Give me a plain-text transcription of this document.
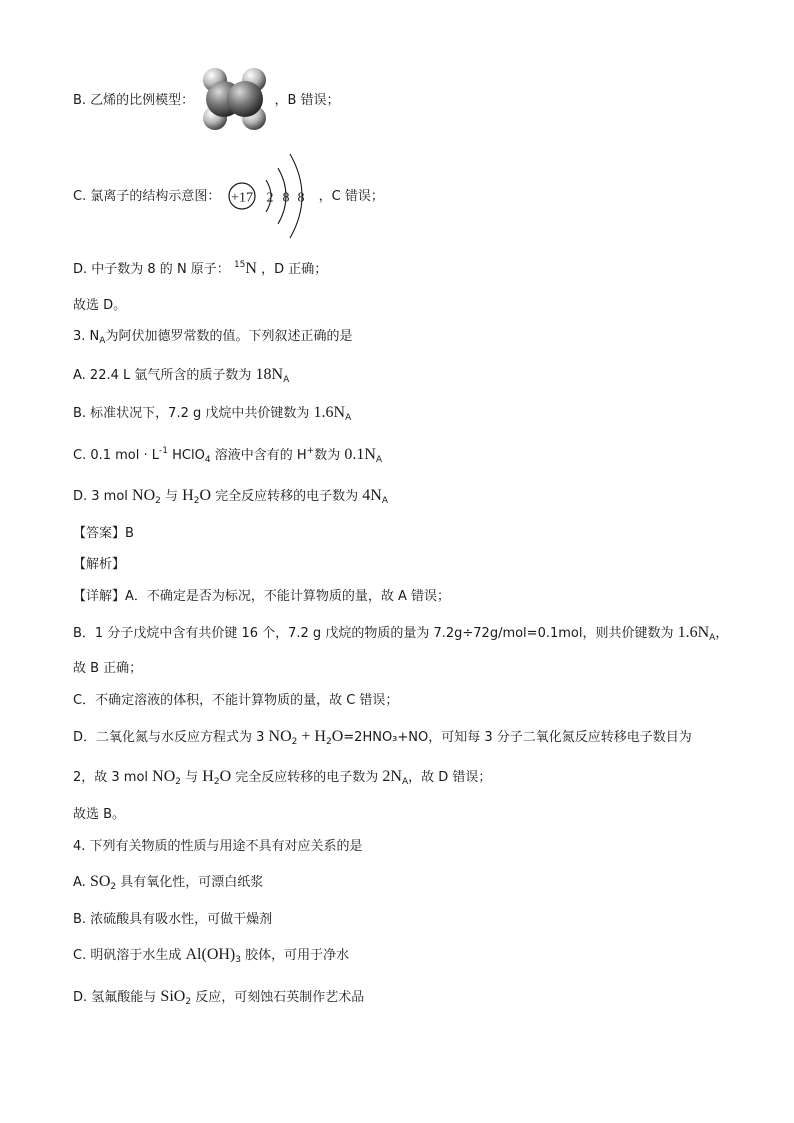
B. 乙烯的比例模型：	，B 错误；
C. 氯离子的结构示意图：	，C 错误；
+17 2 8 8
D. 中子数为 8 的 N 原子： $^{15}$N ，D 正确；
故选 D。
3. $N_A$为阿伏加德罗常数的值。下列叙述正确的是
A. 22.4 L 氩气所含的质子数为 $18N_A$
B. 标准状况下，7.2 g 戊烷中共价键数为 $1.6N_A$
C. 0.1 mol · $L^{-1}$ HClO$_4$ 溶液中含有的 H+数为 $0.1N_A$
D. 3 mol $NO_2$ 与 $H_2O$ 完全反应转移的电子数为 $4N_A$
【答案】B
【解析】
【详解】A．不确定是否为标况，不能计算物质的量，故 A 错误；
B．1 分子戊烷中含有共价键 16 个，7.2 g 戊烷的物质的量为 7.2g÷72g/mol=0.1mol，则共价键数为 $1.6N_A$，
故 B 正确；
C．不确定溶液的体积，不能计算物质的量，故 C 错误；
D．二氧化氮与水反应方程式为 3 $NO_2 + H_2O=2HNO_3+NO$，可知每 3 分子二氧化氮反应转移电子数目为
2，故 3 mol $NO_2$ 与 $H_2O$ 完全反应转移的电子数为 $2N_A$，故 D 错误；
故选 B。
4. 下列有关物质的性质与用途不具有对应关系的是
A. $SO_2$ 具有氧化性，可漂白纸浆
B. 浓硫酸具有吸水性，可做干燥剂
C. 明矾溶于水生成 $Al(OH)_3$ 胶体，可用于净水
D. 氢氟酸能与 SiO$_2$ 反应，可刻蚀石英制作艺术品
